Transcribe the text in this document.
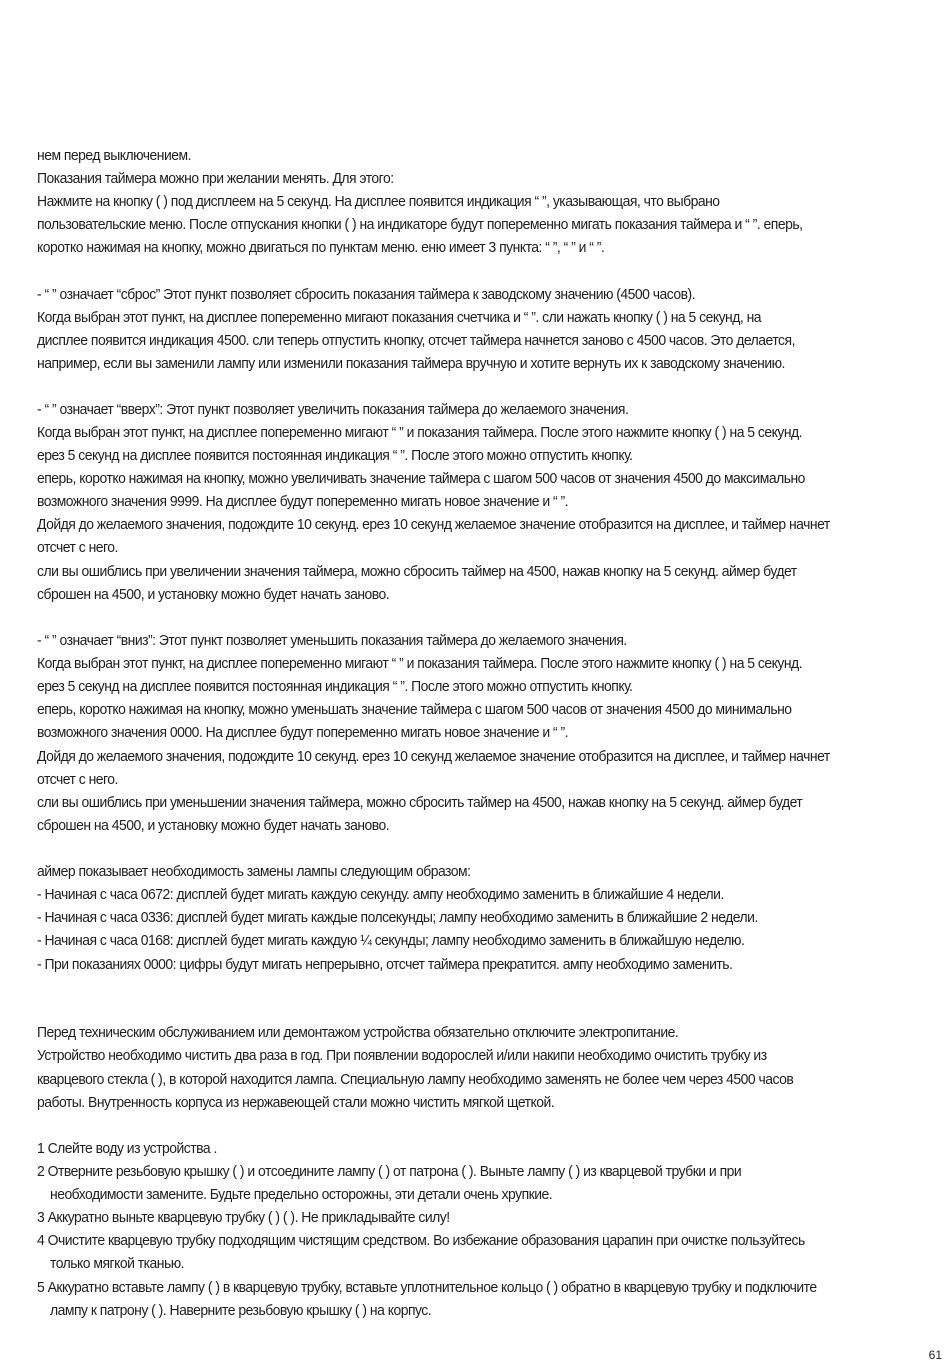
нем перед выключением.
Показания таймера можно при желании менять. Для этого:
Нажмите на кнопку ( ) под дисплеем на 5 секунд. На дисплее появится индикация “ ”, указывающая, что выбрано
пользовательские меню. После отпускания кнопки ( ) на индикаторе будут попеременно мигать показания таймера и “ ”. еперь,
коротко нажимая на кнопку, можно двигаться по пунктам меню. еню имеет 3 пункта: “ ”, “ ” и “ ”.
- “ ” означает “сброс” Этот пункт позволяет сбросить показания таймера к заводскому значению (4500 часов).
Когда выбран этот пункт, на дисплее попеременно мигают показания счетчика и “ ”. сли нажать кнопку ( ) на 5 секунд, на
дисплее появится индикация 4500. сли теперь отпустить кнопку, отсчет таймера начнется заново с 4500 часов. Это делается,
например, если вы заменили лампу или изменили показания таймера вручную и хотите вернуть их к заводскому значению.
- “ ” означает “вверх”: Этот пункт позволяет увеличить показания таймера до желаемого значения.
Когда выбран этот пункт, на дисплее попеременно мигают “ ” и показания таймера. После этого нажмите кнопку ( ) на 5 секунд.
ерез 5 секунд на дисплее появится постоянная индикация “ ”. После этого можно отпустить кнопку.
еперь, коротко нажимая на кнопку, можно увеличивать значение таймера с шагом 500 часов от значения 4500 до максимально
возможного значения 9999. На дисплее будут попеременно мигать новое значение и “ ”.
Дойдя до желаемого значения, подождите 10 секунд. ерез 10 секунд желаемое значение отобразится на дисплее, и таймер начнет
отсчет с него.
сли вы ошиблись при увеличении значения таймера, можно сбросить таймер на 4500, нажав кнопку на 5 секунд. аймер будет
сброшен на 4500, и установку можно будет начать заново.
- “ ” означает “вниз”: Этот пункт позволяет уменьшить показания таймера до желаемого значения.
Когда выбран этот пункт, на дисплее попеременно мигают “ ” и показания таймера. После этого нажмите кнопку ( ) на 5 секунд.
ерез 5 секунд на дисплее появится постоянная индикация “ ”. После этого можно отпустить кнопку.
еперь, коротко нажимая на кнопку, можно уменьшать значение таймера с шагом 500 часов от значения 4500 до минимально
возможного значения 0000. На дисплее будут попеременно мигать новое значение и “ ”.
Дойдя до желаемого значения, подождите 10 секунд. ерез 10 секунд желаемое значение отобразится на дисплее, и таймер начнет
отсчет с него.
сли вы ошиблись при уменьшении значения таймера, можно сбросить таймер на 4500, нажав кнопку на 5 секунд. аймер будет
сброшен на 4500, и установку можно будет начать заново.
аймер показывает необходимость замены лампы следующим образом:
- Начиная с часа 0672: дисплей будет мигать каждую секунду. ампу необходимо заменить в ближайшие 4 недели.
- Начиная с часа 0336: дисплей будет мигать каждые полсекунды; лампу необходимо заменить в ближайшие 2 недели.
- Начиная с часа 0168: дисплей будет мигать каждую ¼ секунды; лампу необходимо заменить в ближайшую неделю.
- При показаниях 0000: цифры будут мигать непрерывно, отсчет таймера прекратится. ампу необходимо заменить.
Перед техническим обслуживанием или демонтажом устройства обязательно отключите электропитание.
Устройство необходимо чистить два раза в год. При появлении водорослей и/или накипи необходимо очистить трубку из
кварцевого стекла ( ), в которой находится лампа. Специальную лампу необходимо заменять не более чем через 4500 часов
работы. Внутренность корпуса из нержавеющей стали можно чистить мягкой щеткой.
1 Слейте воду из устройства .
2 Отверните резьбовую крышку ( ) и отсоедините лампу ( ) от патрона ( ). Выньте лампу ( ) из кварцевой трубки и при
необходимости замените. Будьте предельно осторожны, эти детали очень хрупкие.
3 Аккуратно выньте кварцевую трубку ( ) ( ). Не прикладывайте силу!
4 Очистите кварцевую трубку подходящим чистящим средством. Во избежание образования царапин при очистке пользуйтесь
только мягкой тканью.
5 Аккуратно вставьте лампу ( ) в кварцевую трубку, вставьте уплотнительное кольцо ( ) обратно в кварцевую трубку и подключите
лампу к патрону ( ). Наверните резьбовую крышку ( ) на корпус.
61
